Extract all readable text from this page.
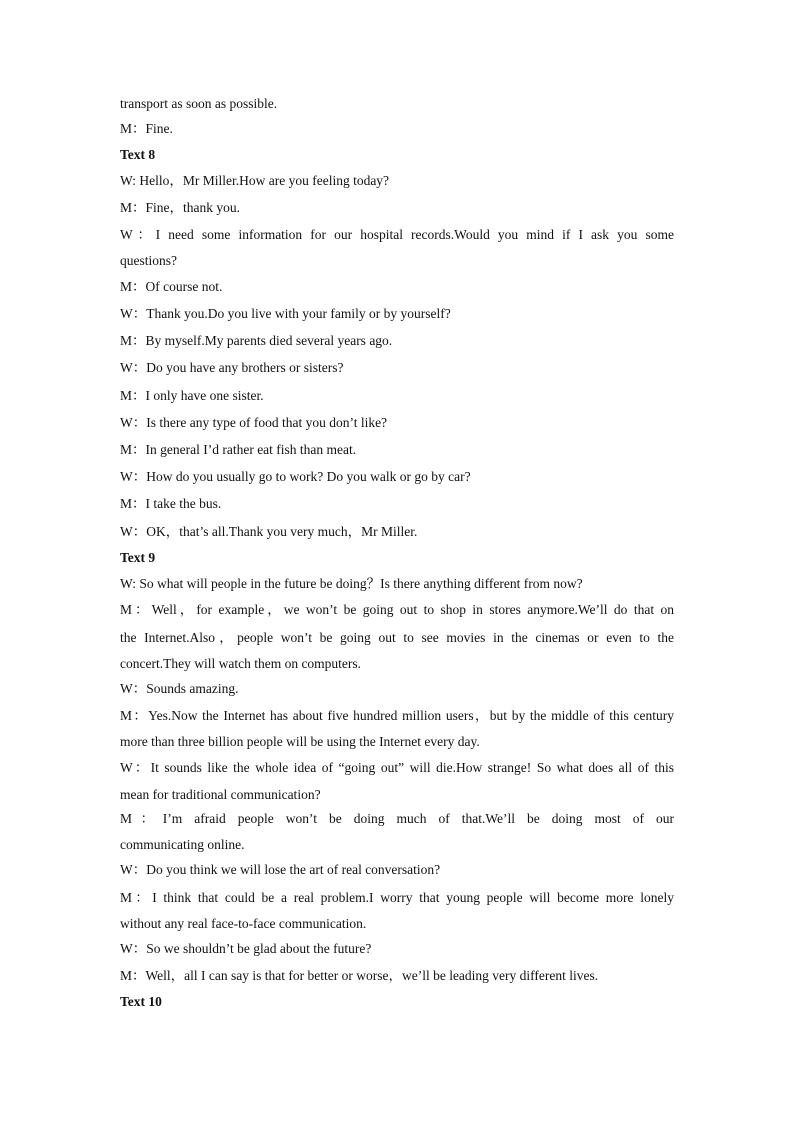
transport as soon as possible.
M：Fine.
Text 8
W: Hello，Mr Miller.How are you feeling today?
M：Fine，thank you.
W：I need some information for our hospital records.Would you mind if I ask you some
questions?
M：Of course not.
W：Thank you.Do you live with your family or by yourself?
M：By myself.My parents died several years ago.
W：Do you have any brothers or sisters?
M：I only have one sister.
W：Is there any type of food that you don’t like?
M：In general I’d rather eat fish than meat.
W：How do you usually go to work? Do you walk or go by car?
M：I take the bus.
W：OK，that’s all.Thank you very much，Mr Miller.
Text 9
W: So what will people in the future be doing？Is there anything different from now?
M：Well，for example，we won’t be going out to shop in stores anymore.We’ll do that on
the Internet.Also，people won’t be going out to see movies in the cinemas or even to the
concert.They will watch them on computers.
W：Sounds amazing.
M：Yes.Now the Internet has about five hundred million users，but by the middle of this century
more than three billion people will be using the Internet every day.
W：It sounds like the whole idea of “going out” will die.How strange! So what does all of this
mean for traditional communication?
M：I’m afraid people won’t be doing much of that.We’ll be doing most of our
communicating online.
W：Do you think we will lose the art of real conversation?
M：I think that could be a real problem.I worry that young people will become more lonely
without any real face-to-face communication.
W：So we shouldn’t be glad about the future?
M：Well，all I can say is that for better or worse，we’ll be leading very different lives.
Text 10
